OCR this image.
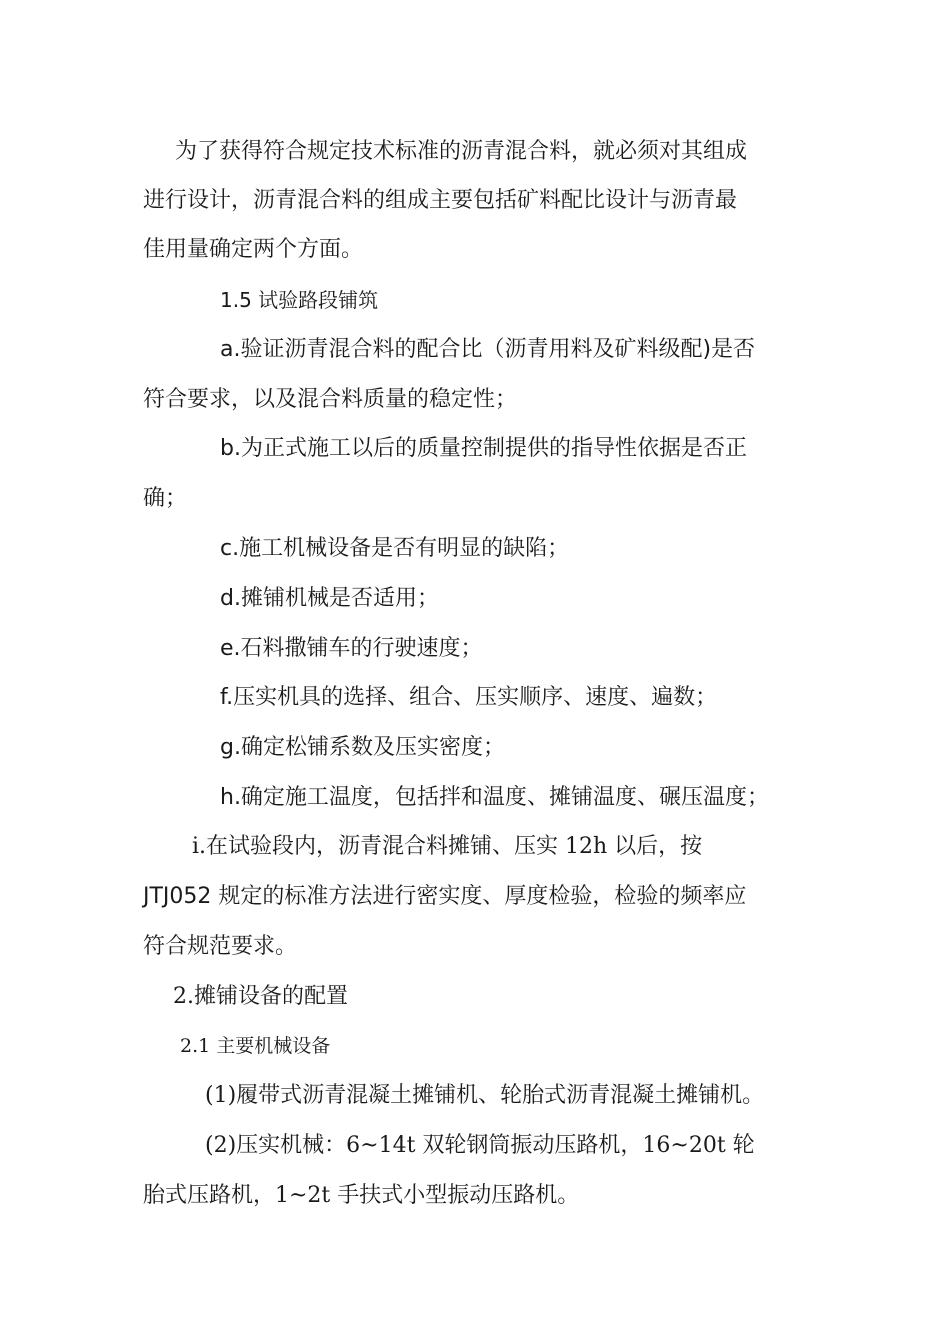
为了获得符合规定技术标准的沥青混合料，就必须对其组成
进行设计，沥青混合料的组成主要包括矿料配比设计与沥青最
佳用量确定两个方面。
1.5 试验路段铺筑
a.验证沥青混合料的配合比（沥青用料及矿料级配)是否
符合要求，以及混合料质量的稳定性；
b.为正式施工以后的质量控制提供的指导性依据是否正
确；
c.施工机械设备是否有明显的缺陷；
d.摊铺机械是否适用；
e.石料撒铺车的行驶速度；
f.压实机具的选择、组合、压实顺序、速度、遍数；
g.确定松铺系数及压实密度；
h.确定施工温度，包括拌和温度、摊铺温度、碾压温度；
i.在试验段内，沥青混合料摊铺、压实 12h 以后，按
JTJ052 规定的标准方法进行密实度、厚度检验，检验的频率应
符合规范要求。
2.摊铺设备的配置
2.1 主要机械设备
(1)履带式沥青混凝土摊铺机、轮胎式沥青混凝土摊铺机。
(2)压实机械：6~14t 双轮钢筒振动压路机，16~20t 轮
胎式压路机，1~2t 手扶式小型振动压路机。
